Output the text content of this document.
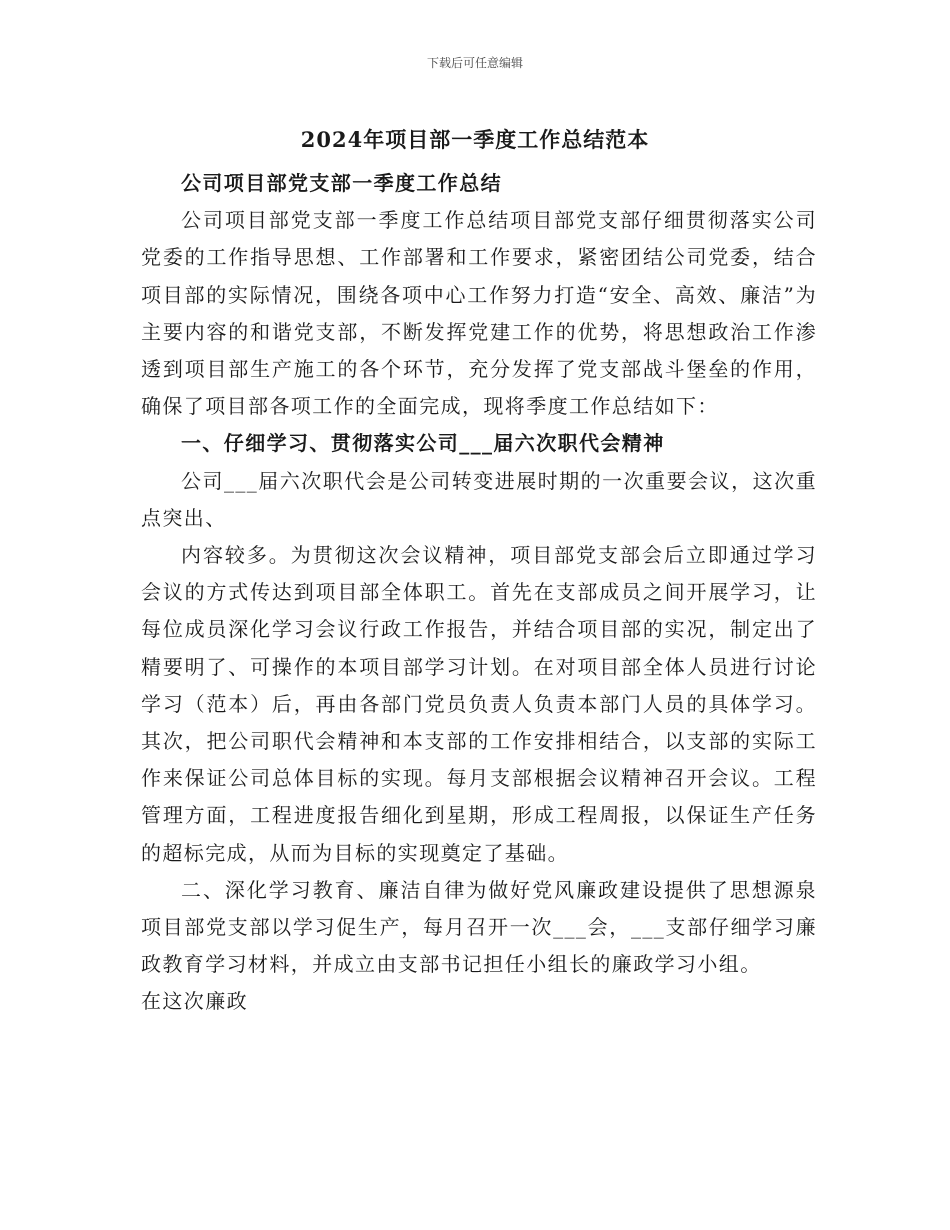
下载后可任意编辑
2024年项目部一季度工作总结范本

公司项目部党支部一季度工作总结

公司项目部党支部一季度工作总结项目部党支部仔细贯彻落实公司党委的工作指导思想、工作部署和工作要求，紧密团结公司党委，结合项目部的实际情况，围绕各项中心工作努力打造“安全、高效、廉洁”为主要内容的和谐党支部，不断发挥党建工作的优势，将思想政治工作渗透到项目部生产施工的各个环节，充分发挥了党支部战斗堡垒的作用，确保了项目部各项工作的全面完成，现将季度工作总结如下：

一、仔细学习、贯彻落实公司___届六次职代会精神

公司___届六次职代会是公司转变进展时期的一次重要会议，这次重点突出、

内容较多。为贯彻这次会议精神，项目部党支部会后立即通过学习会议的方式传达到项目部全体职工。首先在支部成员之间开展学习，让每位成员深化学习会议行政工作报告，并结合项目部的实况，制定出了精要明了、可操作的本项目部学习计划。在对项目部全体人员进行讨论学习（范本）后，再由各部门党员负责人负责本部门人员的具体学习。其次，把公司职代会精神和本支部的工作安排相结合，以支部的实际工作来保证公司总体目标的实现。每月支部根据会议精神召开会议。工程管理方面，工程进度报告细化到星期，形成工程周报，以保证生产任务的超标完成，从而为目标的实现奠定了基础。

二、深化学习教育、廉洁自律为做好党风廉政建设提供了思想源泉项目部党支部以学习促生产，每月召开一次___会，___支部仔细学习廉政教育学习材料，并成立由支部书记担任小组长的廉政学习小组。

在这次廉政
